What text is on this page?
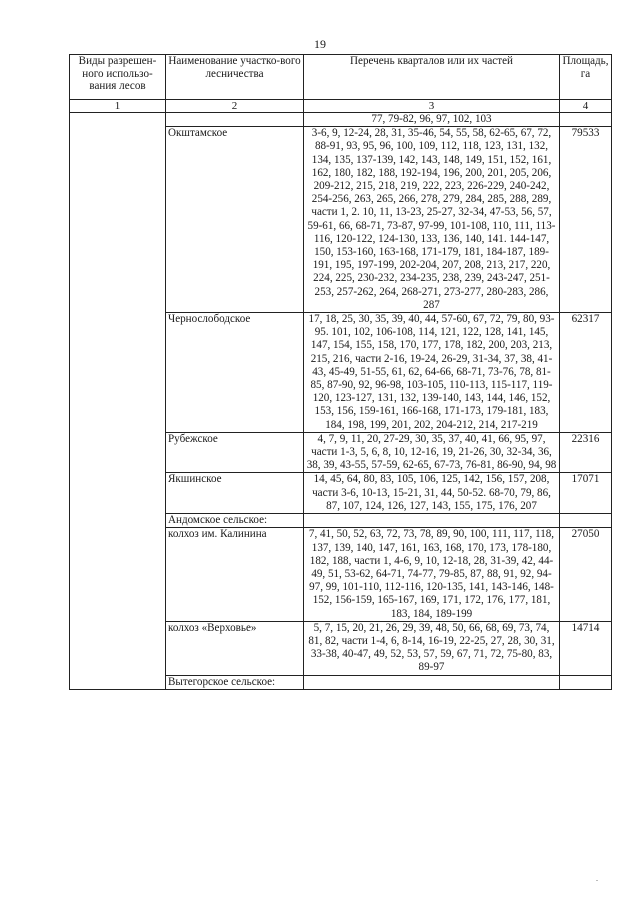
19
Виды разрешен-ного использо-вания лесов	Наименование участко-вого лесничества	Перечень кварталов или их частей	Площадь, га
1	2	3	4
		77, 79-82, 96, 97, 102, 103	
	Окштамское	3-6, 9, 12-24, 28, 31, 35-46, 54, 55, 58, 62-65, 67, 72, 88-91, 93, 95, 96, 100, 109, 112, 118, 123, 131, 132, 134, 135, 137-139, 142, 143, 148, 149, 151, 152, 161, 162, 180, 182, 188, 192-194, 196, 200, 201, 205, 206, 209-212, 215, 218, 219, 222, 223, 226-229, 240-242, 254-256, 263, 265, 266, 278, 279, 284, 285, 288, 289, части 1, 2. 10, 11, 13-23, 25-27, 32-34, 47-53, 56, 57, 59-61, 66, 68-71, 73-87, 97-99, 101-108, 110, 111, 113-116, 120-122, 124-130, 133, 136, 140, 141. 144-147, 150, 153-160, 163-168, 171-179, 181, 184-187, 189-191, 195, 197-199, 202-204, 207, 208, 213, 217, 220, 224, 225, 230-232, 234-235, 238, 239, 243-247, 251-253, 257-262, 264, 268-271, 273-277, 280-283, 286, 287	79533
	Чернослободское	17, 18, 25, 30, 35, 39, 40, 44, 57-60, 67, 72, 79, 80, 93-95. 101, 102, 106-108, 114, 121, 122, 128, 141, 145, 147, 154, 155, 158, 170, 177, 178, 182, 200, 203, 213, 215, 216, части 2-16, 19-24, 26-29, 31-34, 37, 38, 41-43, 45-49, 51-55, 61, 62, 64-66, 68-71, 73-76, 78, 81-85, 87-90, 92, 96-98, 103-105, 110-113, 115-117, 119-120, 123-127, 131, 132, 139-140, 143, 144, 146, 152, 153, 156, 159-161, 166-168, 171-173, 179-181, 183, 184, 198, 199, 201, 202, 204-212, 214, 217-219	62317
	Рубежское	4, 7, 9, 11, 20, 27-29, 30, 35, 37, 40, 41, 66, 95, 97, части 1-3, 5, 6, 8, 10, 12-16, 19, 21-26, 30, 32-34, 36, 38, 39, 43-55, 57-59, 62-65, 67-73, 76-81, 86-90, 94, 98	22316
	Якшинское	14, 45, 64, 80, 83, 105, 106, 125, 142, 156, 157, 208, части 3-6, 10-13, 15-21, 31, 44, 50-52. 68-70, 79, 86, 87, 107, 124, 126, 127, 143, 155, 175, 176, 207	17071
	Андомское сельское:		
	колхоз им. Калинина	7, 41, 50, 52, 63, 72, 73, 78, 89, 90, 100, 111, 117, 118, 137, 139, 140, 147, 161, 163, 168, 170, 173, 178-180, 182, 188, части 1, 4-6, 9, 10, 12-18, 28, 31-39, 42, 44-49, 51, 53-62, 64-71, 74-77, 79-85, 87, 88, 91, 92, 94-97, 99, 101-110, 112-116, 120-135, 141, 143-146, 148-152, 156-159, 165-167, 169, 171, 172, 176, 177, 181, 183, 184, 189-199	27050
	колхоз «Верховье»	5, 7, 15, 20, 21, 26, 29, 39, 48, 50, 66, 68, 69, 73, 74, 81, 82, части 1-4, 6, 8-14, 16-19, 22-25, 27, 28, 30, 31, 33-38, 40-47, 49, 52, 53, 57, 59, 67, 71, 72, 75-80, 83, 89-97	14714
	Вытегорское сельское:		
